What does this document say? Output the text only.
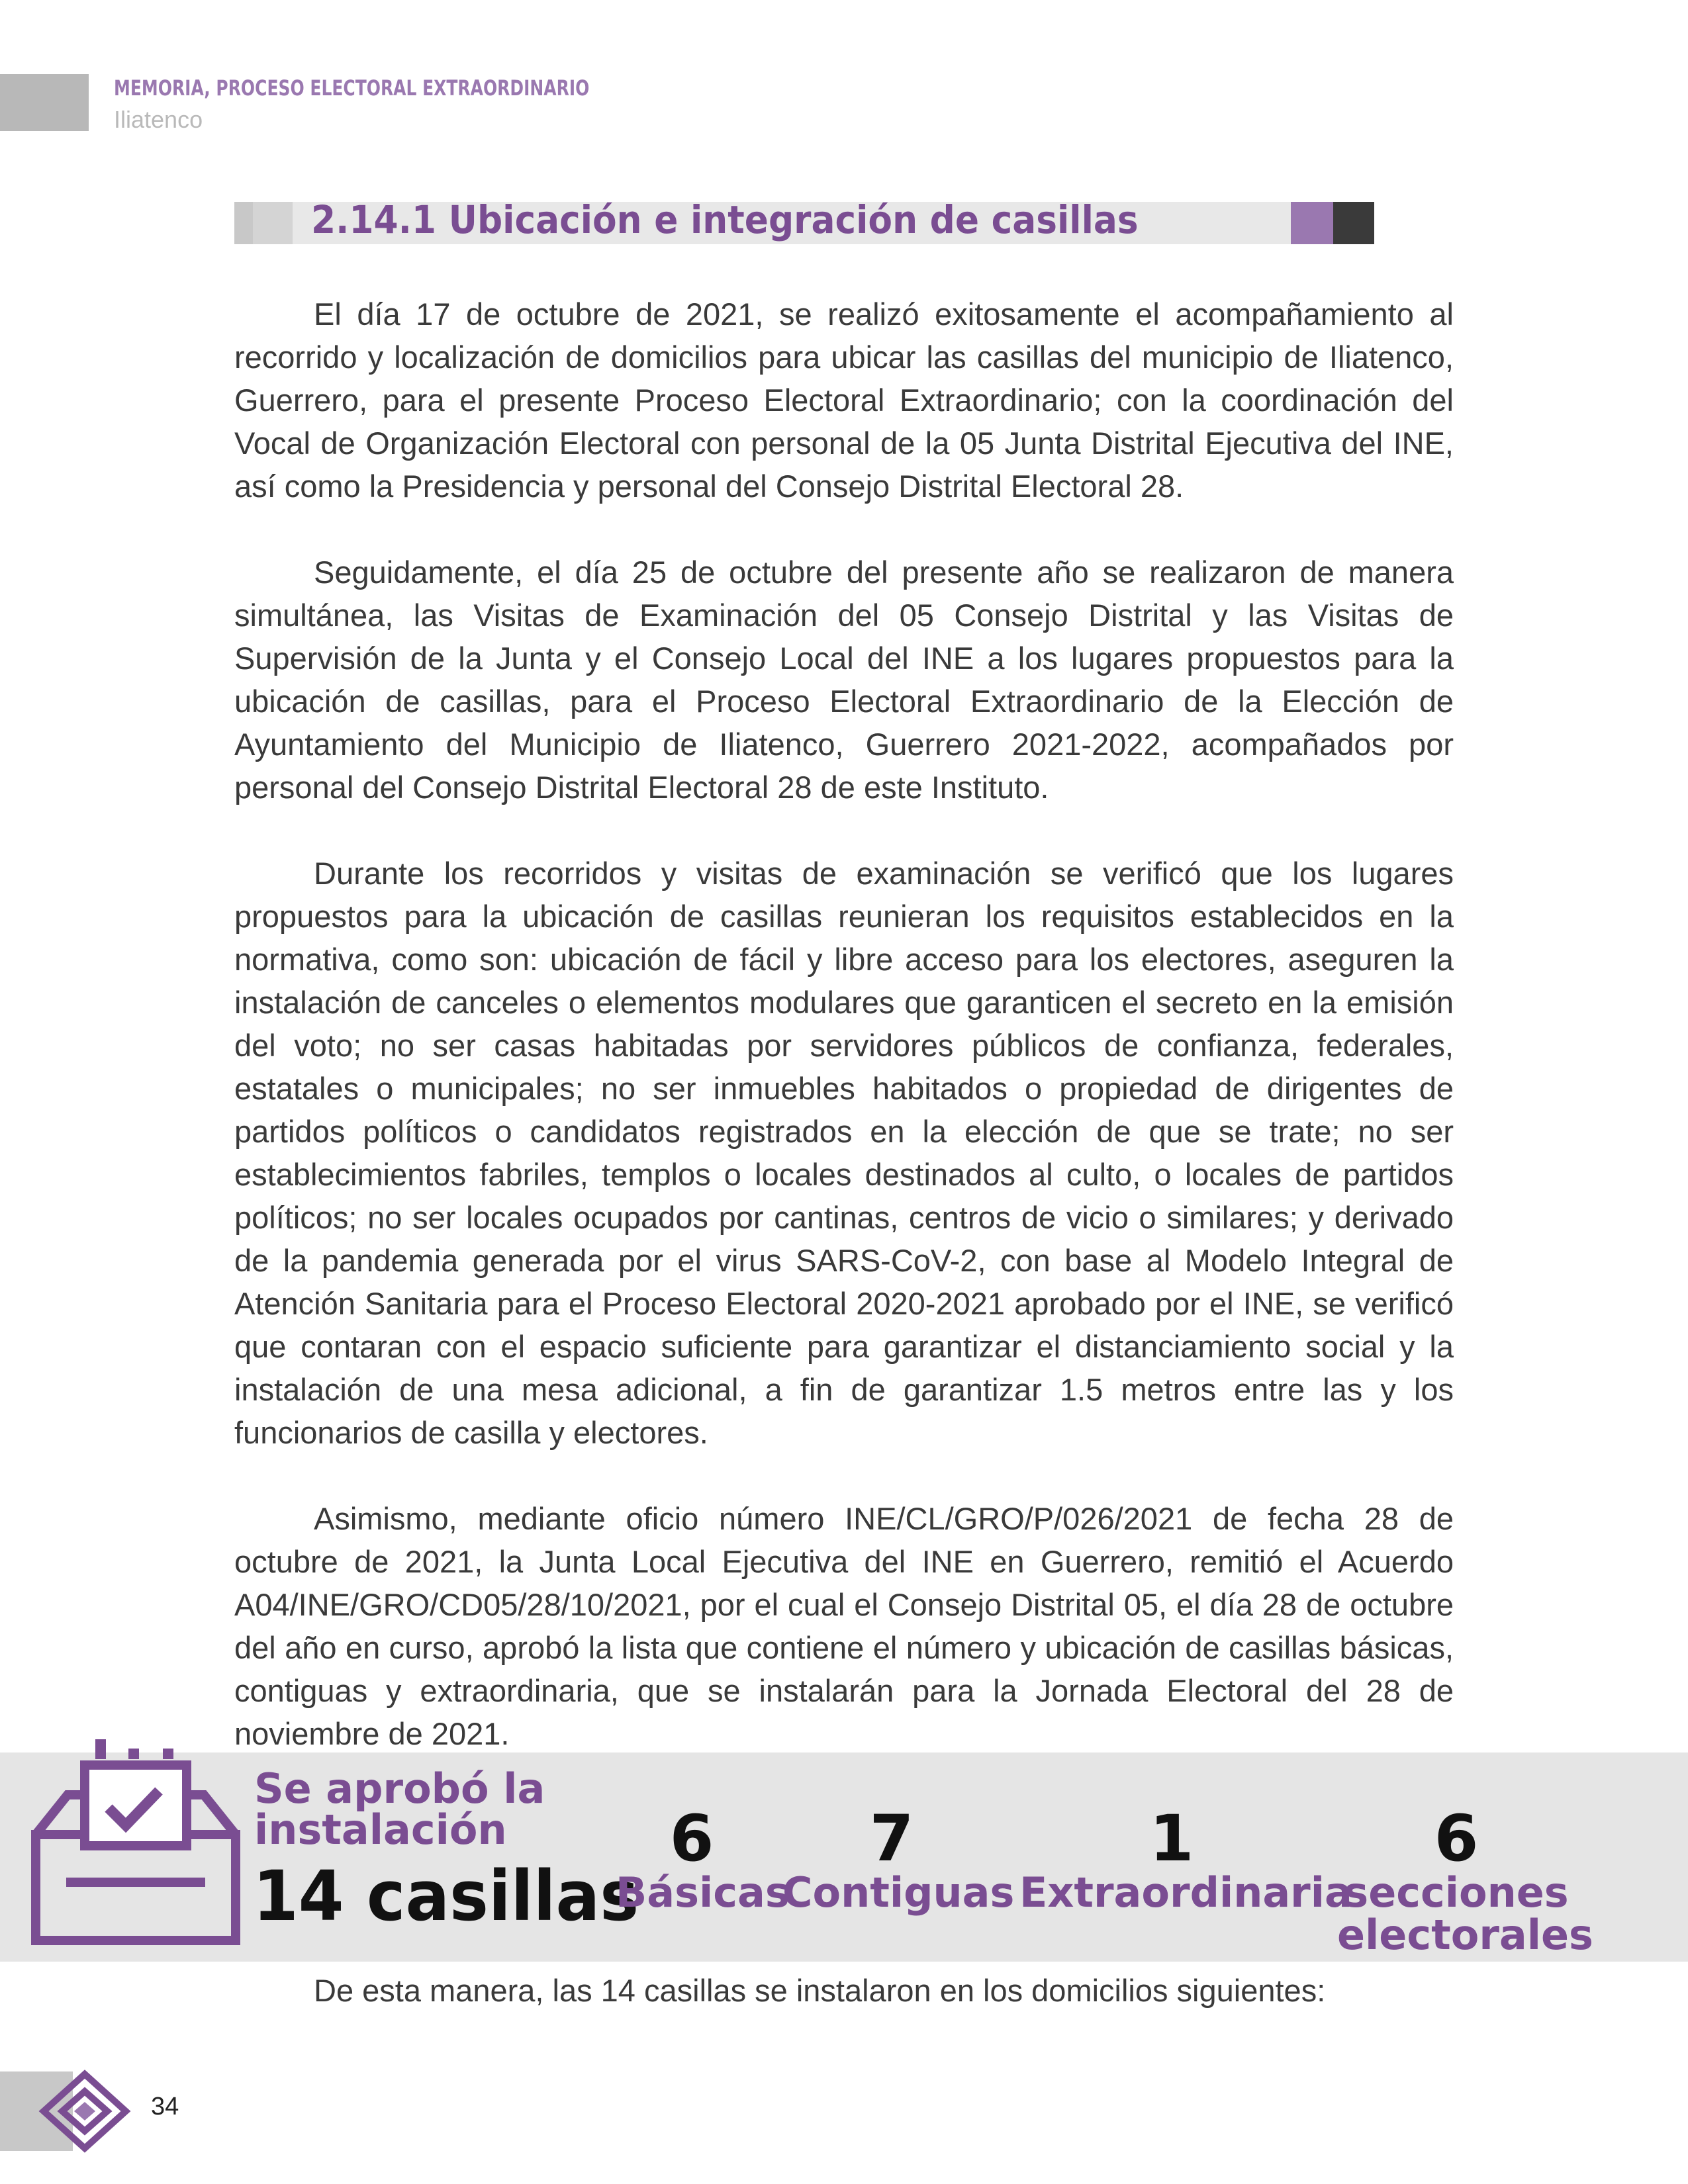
MEMORIA, PROCESO ELECTORAL EXTRAORDINARIO
Iliatenco
2.14.1 Ubicación e integración de casillas

El día 17 de octubre de 2021, se realizó exitosamente el acompañamiento al recorrido y localización de domicilios para ubicar las casillas del municipio de Iliatenco, Guerrero, para el presente Proceso Electoral Extraordinario; con la coordinación del Vocal de Organización Electoral con personal de la 05 Junta Distrital Ejecutiva del INE, así como la Presidencia y personal del Consejo Distrital Electoral 28.

Seguidamente, el día 25 de octubre del presente año se realizaron de manera simultánea, las Visitas de Examinación del 05 Consejo Distrital y las Visitas de Supervisión de la Junta y el Consejo Local del INE a los lugares propuestos para la ubicación de casillas, para el Proceso Electoral Extraordinario de la Elección de Ayuntamiento del Municipio de Iliatenco, Guerrero 2021-2022, acompañados por personal del Consejo Distrital Electoral 28 de este Instituto.

Durante los recorridos y visitas de examinación se verificó que los lugares propuestos para la ubicación de casillas reunieran los requisitos establecidos en la normativa, como son: ubicación de fácil y libre acceso para los electores, aseguren la instalación de canceles o elementos modulares que garanticen el secreto en la emisión del voto; no ser casas habitadas por servidores públicos de confianza, federales, estatales o municipales; no ser inmuebles habitados o propiedad de dirigentes de partidos políticos o candidatos registrados en la elección de que se trate; no ser establecimientos fabriles, templos o locales destinados al culto, o locales de partidos políticos; no ser locales ocupados por cantinas, centros de vicio o similares; y derivado de la pandemia generada por el virus SARS-CoV-2, con base al Modelo Integral de Atención Sanitaria para el Proceso Electoral 2020-2021 aprobado por el INE, se verificó que contaran con el espacio suficiente para garantizar el distanciamiento social y la instalación de una mesa adicional, a fin de garantizar 1.5 metros entre las y los funcionarios de casilla y electores.

Asimismo, mediante oficio número INE/CL/GRO/P/026/2021 de fecha 28 de octubre de 2021, la Junta Local Ejecutiva del INE en Guerrero, remitió el Acuerdo A04/INE/GRO/CD05/28/10/2021, por el cual el Consejo Distrital 05, el día 28 de octubre del año en curso, aprobó la lista que contiene el número y ubicación de casillas básicas, contiguas y extraordinaria, que se instalarán para la Jornada Electoral del 28 de noviembre de 2021.

Se aprobó la instalación
14 casillas
6
Básicas
7
Contiguas
1
Extraordinaria
6
secciones electorales
De esta manera, las 14 casillas se instalaron en los domicilios siguientes:
34
